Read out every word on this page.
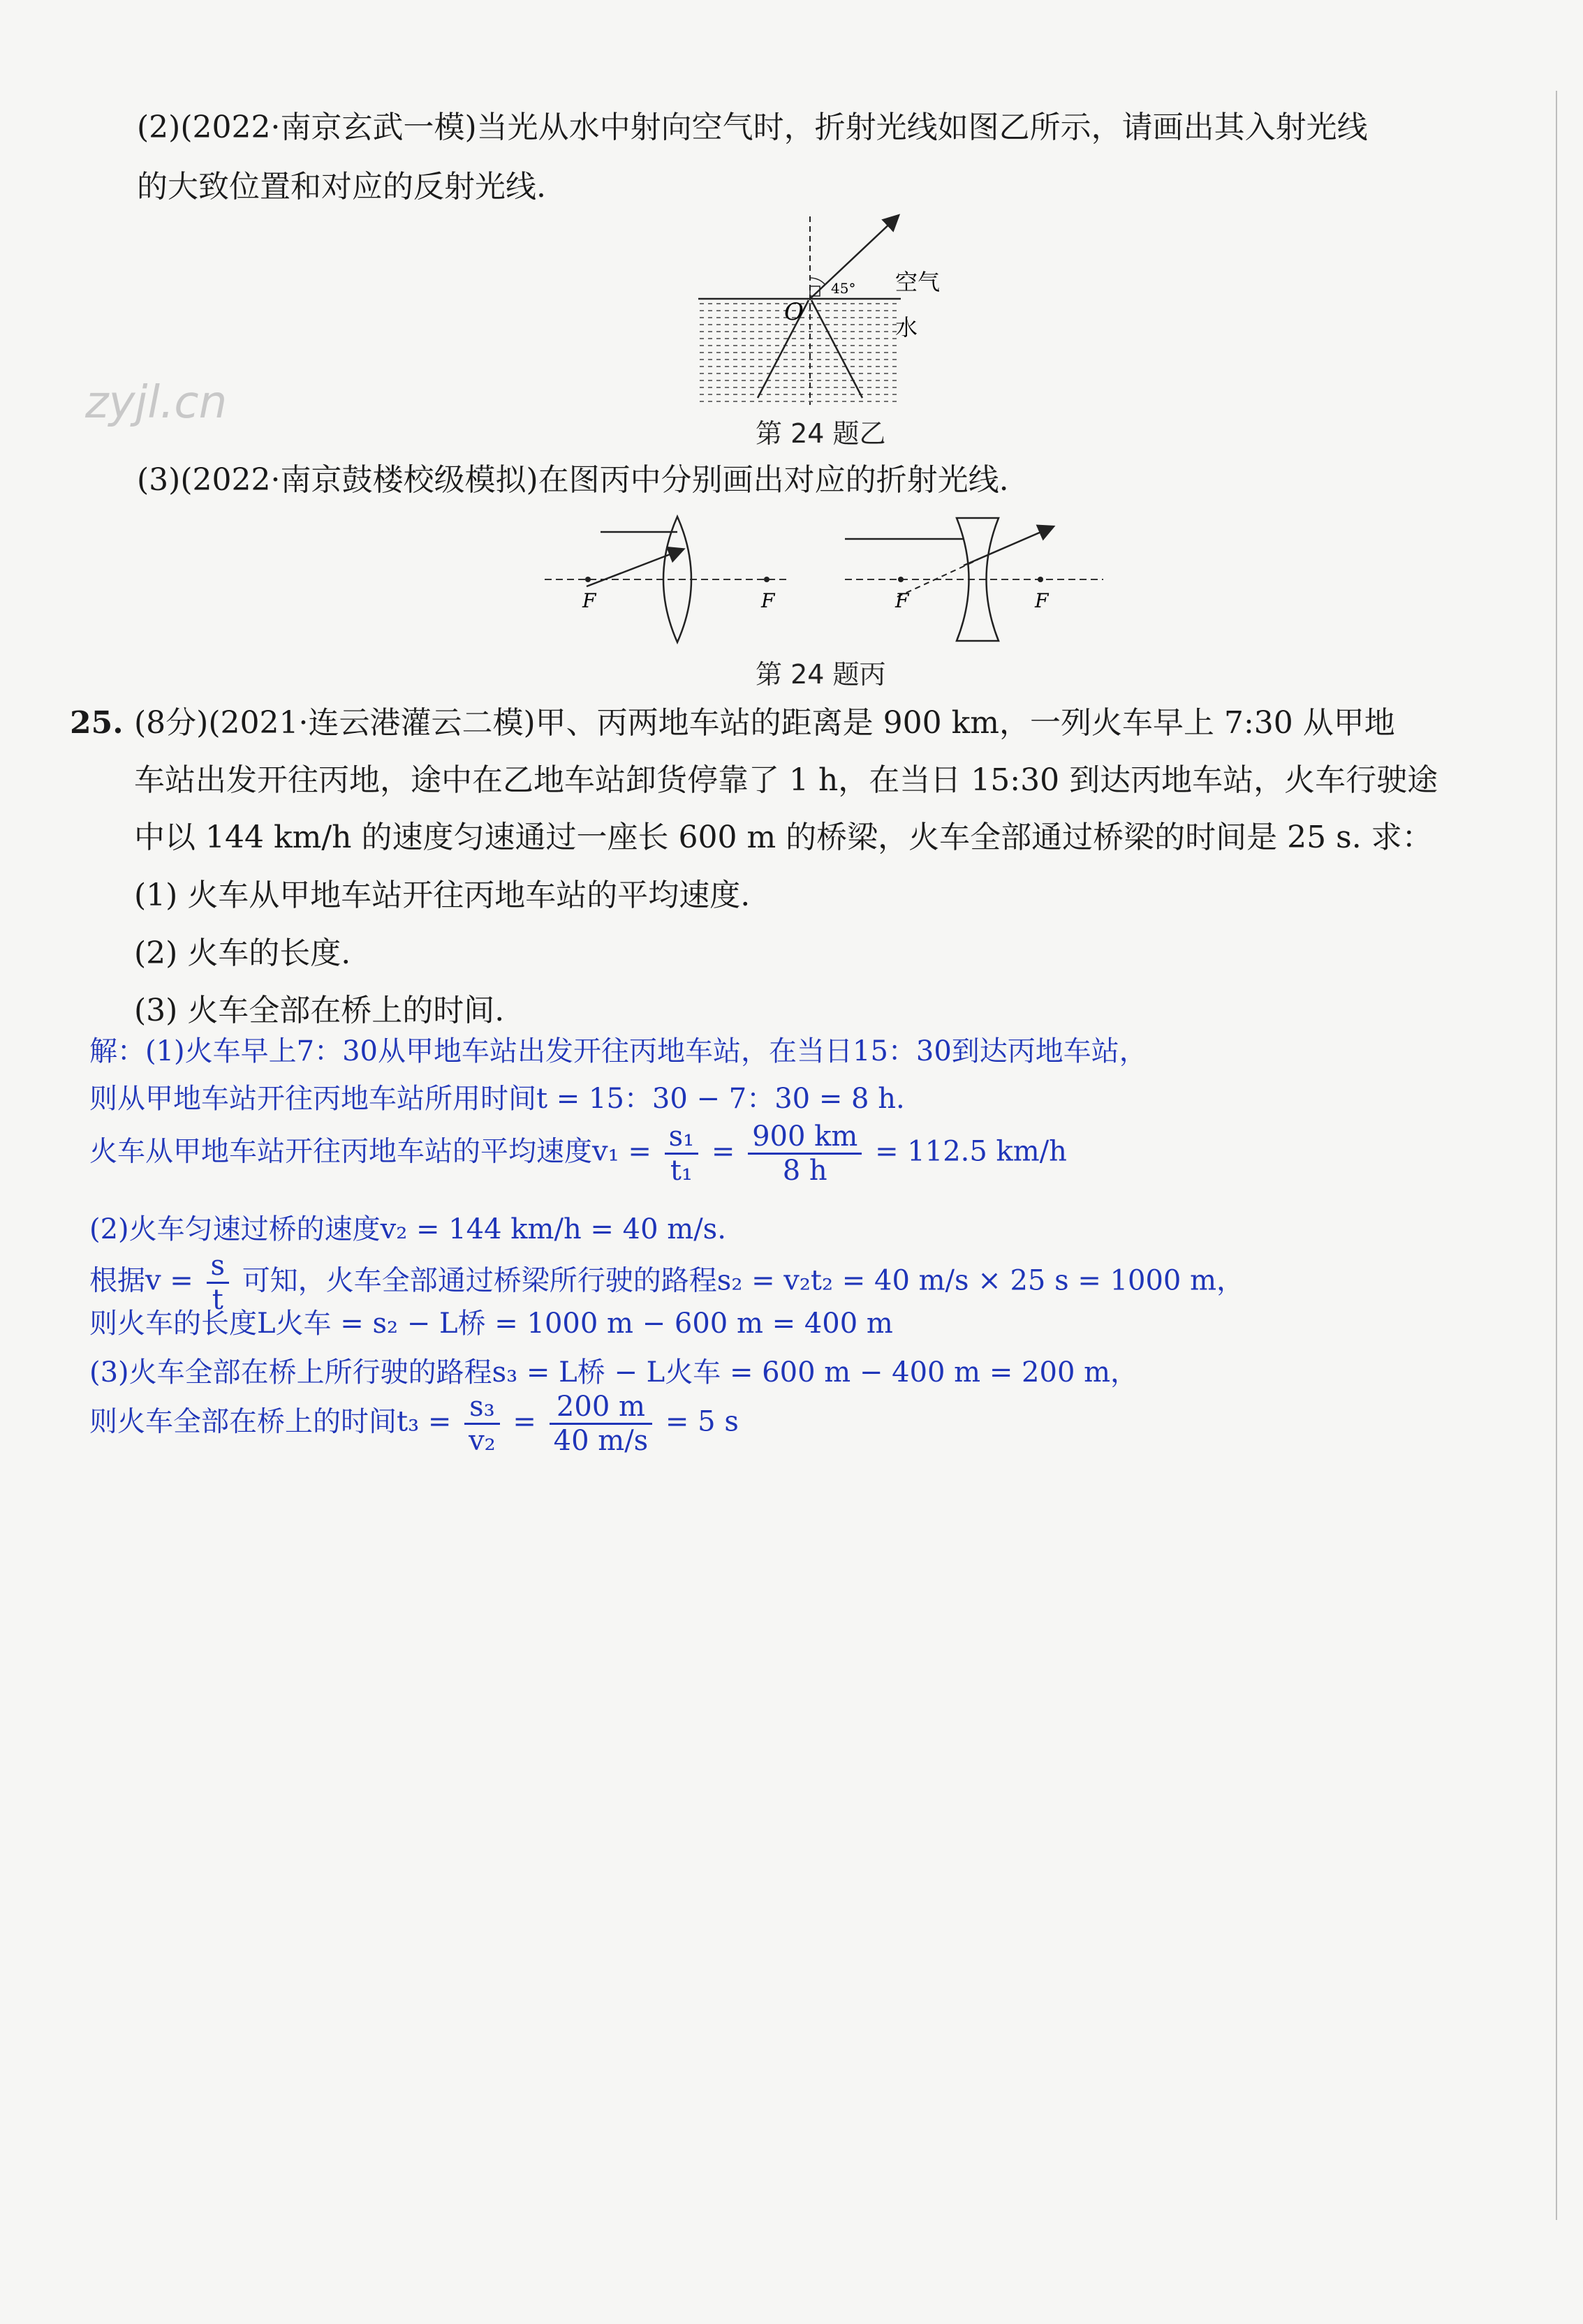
(2)(2022·南京玄武一模)当光从水中射向空气时，折射光线如图乙所示，请画出其入射光线
的大致位置和对应的反射光线.
45° 空气
水
O
第 24 题乙
zyjl.cn
(3)(2022·南京鼓楼校级模拟)在图丙中分别画出对应的折射光线.
F	F	F	F
第 24 题丙
25. (8分)(2021·连云港灌云二模)甲、丙两地车站的距离是 900 km，一列火车早上 7:30 从甲地
车站出发开往丙地，途中在乙地车站卸货停靠了 1 h，在当日 15:30 到达丙地车站，火车行驶途
中以 144 km/h 的速度匀速通过一座长 600 m 的桥梁，火车全部通过桥梁的时间是 25 s. 求：
(1) 火车从甲地车站开往丙地车站的平均速度.
(2) 火车的长度.
(3) 火车全部在桥上的时间.
解：(1)火车早上7：30从甲地车站出发开往丙地车站，在当日15：30到达丙地车站，
则从甲地车站开往丙地车站所用时间t = 15：30 − 7：30 = 8 h.
火车从甲地车站开往丙地车站的平均速度$v_1 = \frac{\text{s₁}}{\text{t₁}} = \frac{900 km}{8 h} = 112.5$ km/h
(2)火车匀速过桥的速度v₂ = 144 km/h = 40 m/s.
根据$v = \frac{s}{t}$ 可知，火车全部通过桥梁所行驶的路程s₂ = v₂t₂ = 40 m/s × 25 s = 1000 m，
则火车的长度L火车 = s₂ − L桥 = 1000 m − 600 m = 400 m
(3)火车全部在桥上所行驶的路程s₃ = L桥 − L火车 = 600 m − 400 m = 200 m，
则火车全部在桥上的时间$t_3 = \frac{\text{s₃}}{\text{v₂}} = \frac{200 m}{40 m/s} = 5$ s
